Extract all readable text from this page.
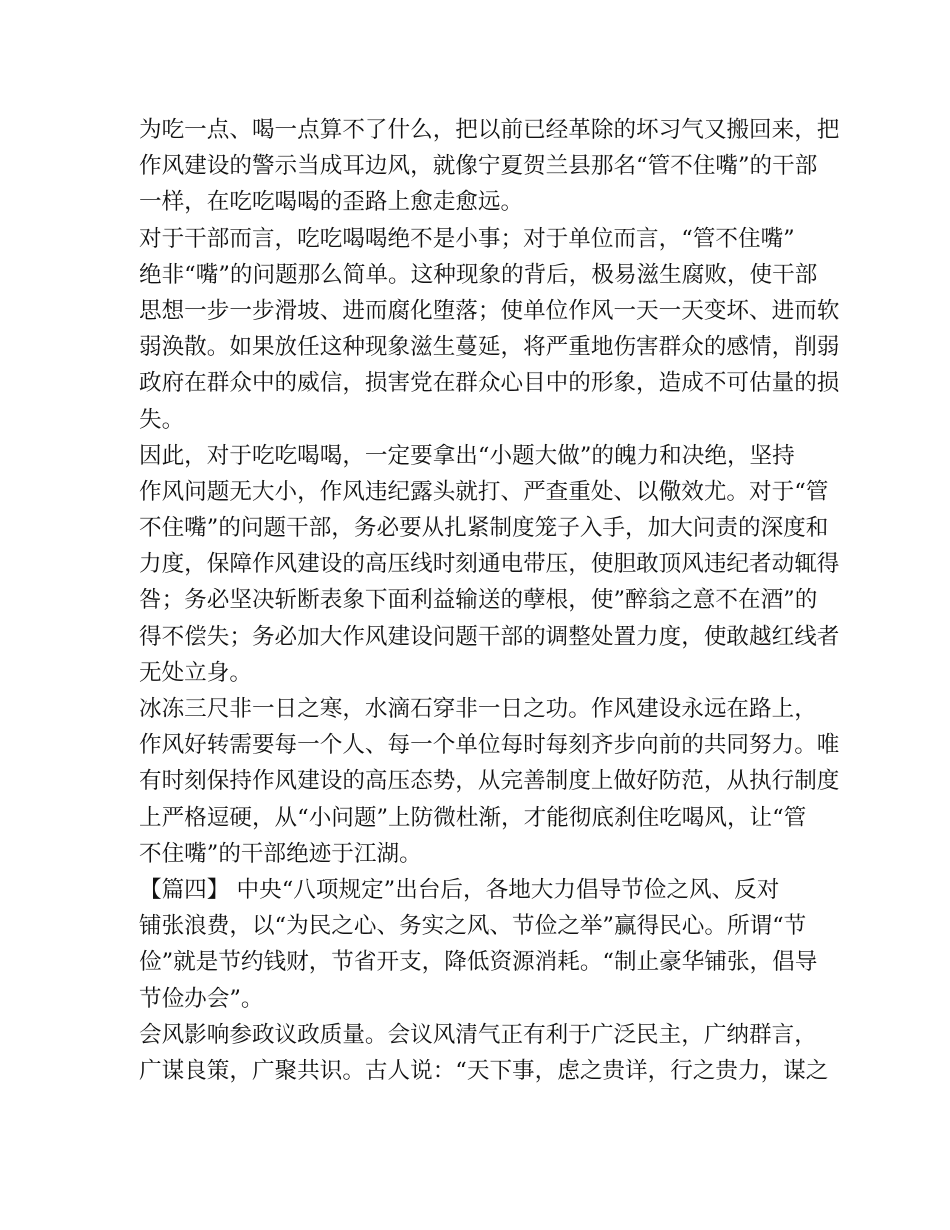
为吃一点、喝一点算不了什么，把以前已经革除的坏习气又搬回来，把
作风建设的警示当成耳边风，就像宁夏贺兰县那名“管不住嘴”的干部
一样，在吃吃喝喝的歪路上愈走愈远。
对于干部而言，吃吃喝喝绝不是小事；对于单位而言，“管不住嘴”
绝非“嘴”的问题那么简单。这种现象的背后，极易滋生腐败，使干部
思想一步一步滑坡、进而腐化堕落；使单位作风一天一天变坏、进而软
弱涣散。如果放任这种现象滋生蔓延，将严重地伤害群众的感情，削弱
政府在群众中的威信，损害党在群众心目中的形象，造成不可估量的损
失。
因此，对于吃吃喝喝，一定要拿出“小题大做”的魄力和决绝，坚持
作风问题无大小，作风违纪露头就打、严查重处、以儆效尤。对于“管
不住嘴”的问题干部，务必要从扎紧制度笼子入手，加大问责的深度和
力度，保障作风建设的高压线时刻通电带压，使胆敢顶风违纪者动辄得
咎；务必坚决斩断表象下面利益输送的孽根，使”醉翁之意不在酒”的
得不偿失；务必加大作风建设问题干部的调整处置力度，使敢越红线者
无处立身。
冰冻三尺非一日之寒，水滴石穿非一日之功。作风建设永远在路上，
作风好转需要每一个人、每一个单位每时每刻齐步向前的共同努力。唯
有时刻保持作风建设的高压态势，从完善制度上做好防范，从执行制度
上严格逗硬，从“小问题”上防微杜渐，才能彻底刹住吃喝风，让“管
不住嘴”的干部绝迹于江湖。
【篇四】 中央“八项规定”出台后，各地大力倡导节俭之风、反对
铺张浪费，以“为民之心、务实之风、节俭之举”赢得民心。所谓“节
俭”就是节约钱财，节省开支，降低资源消耗。“制止豪华铺张，倡导
节俭办会”。
会风影响参政议政质量。会议风清气正有利于广泛民主，广纳群言，
广谋良策，广聚共识。古人说：“天下事，虑之贵详，行之贵力，谋之
